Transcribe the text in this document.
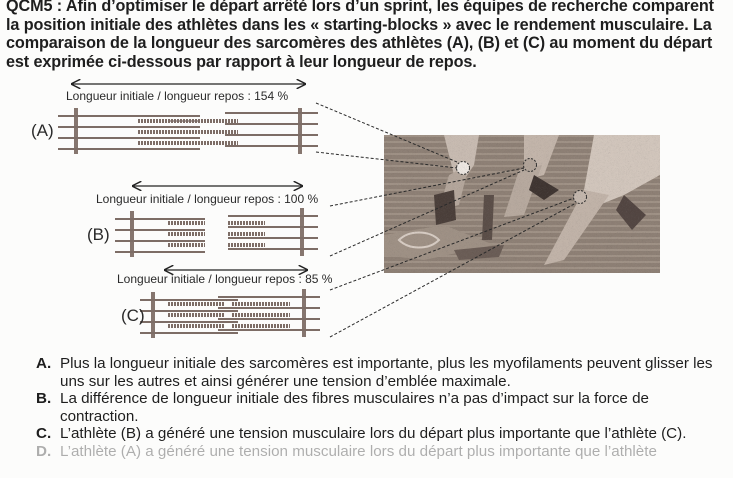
QCM5 : Afin d’optimiser le départ arrêté lors d’un sprint, les équipes de recherche comparent la position initiale des athlètes dans les « starting-blocks » avec le rendement musculaire. La comparaison de la longueur des sarcomères des athlètes (A), (B) et (C) au moment du départ est exprimée ci-dessous par rapport à leur longueur de repos.
Longueur initiale / longueur repos : 154 %
Longueur initiale / longueur repos : 100 %
Longueur initiale / longueur repos : 85 %
(A)
(B)
(C)
A. Plus la longueur initiale des sarcomères est importante, plus les myofilaments peuvent glisser les uns sur les autres et ainsi générer une tension d’emblée maximale.
B. La différence de longueur initiale des fibres musculaires n’a pas d’impact sur la force de contraction.
C. L’athlète (B) a généré une tension musculaire lors du départ plus importante que l’athlète (C).
D. L’athlète (A) a généré une tension musculaire lors du départ plus importante que l’athlète
